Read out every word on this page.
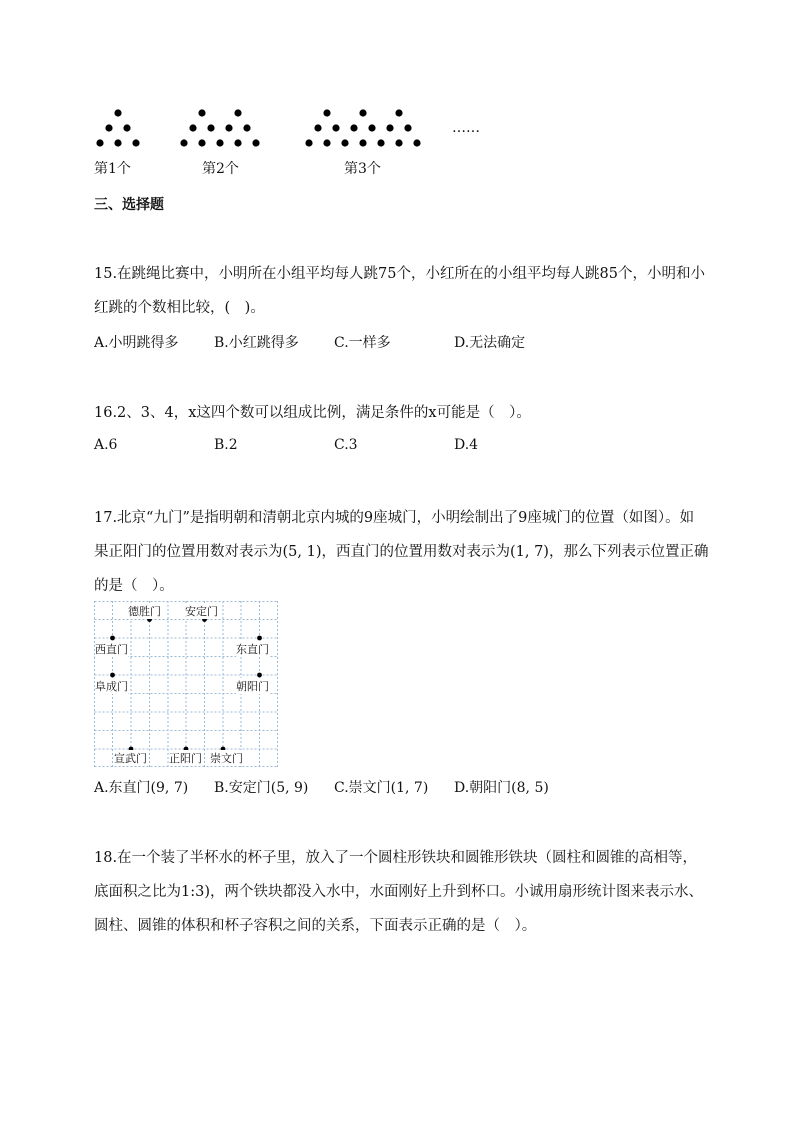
……
第1个	第2个	第3个
三、选择题
15.在跳绳比赛中，小明所在小组平均每人跳75个，小红所在的小组平均每人跳85个，小明和小
红跳的个数相比较，(　)。
A.小明跳得多	B.小红跳得多	C.一样多	D.无法确定
16.2、3、4，x这四个数可以组成比例，满足条件的x可能是（　）。
A.6	B.2	C.3	D.4
17.北京“九门”是指明朝和清朝北京内城的9座城门，小明绘制出了9座城门的位置（如图）。如
果正阳门的位置用数对表示为(5, 1)，西直门的位置用数对表示为(1, 7)，那么下列表示位置正确
的是（　）。
德胜门 安定门
西直门	东直门
阜成门	朝阳门
宣武门 正阳门 崇文门
A.东直门(9, 7) B.安定门(5, 9) C.崇文门(1, 7) D.朝阳门(8, 5)
18.在一个装了半杯水的杯子里，放入了一个圆柱形铁块和圆锥形铁块（圆柱和圆锥的高相等，
底面积之比为1:3)，两个铁块都没入水中，水面刚好上升到杯口。小诚用扇形统计图来表示水、
圆柱、圆锥的体积和杯子容积之间的关系，下面表示正确的是（　）。
